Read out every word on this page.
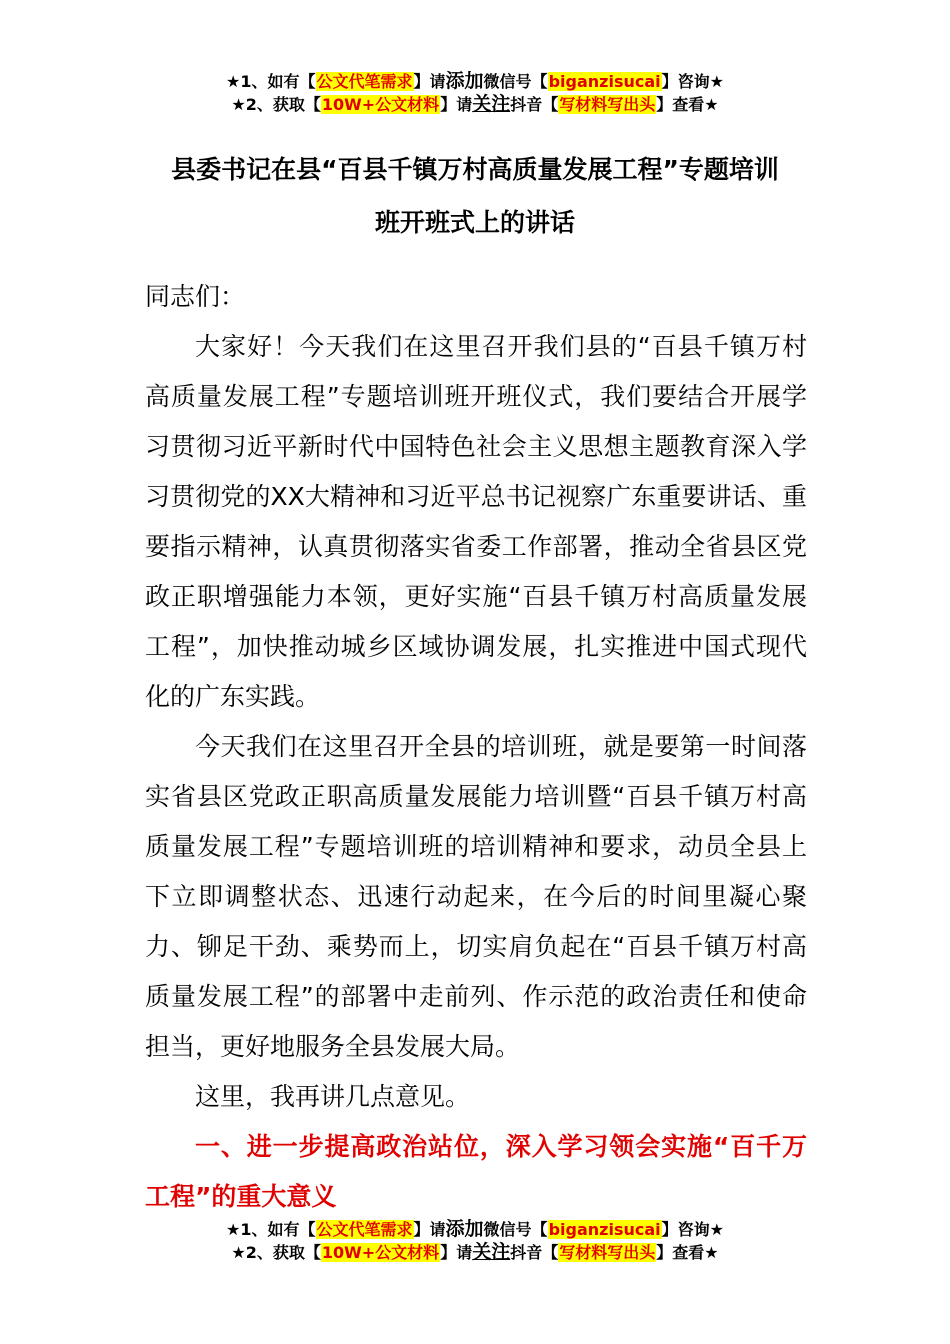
★1、如有【公文代笔需求】请添加微信号【biganzisucai】咨询★
★2、获取【10W+公文材料】请关注抖音【写材料写出头】查看★
县委书记在县“百县千镇万村高质量发展工程”专题培训
班开班式上的讲话

同志们：

大家好！今天我们在这里召开我们县的“百县千镇万村高质量发展工程”专题培训班开班仪式，我们要结合开展学习贯彻习近平新时代中国特色社会主义思想主题教育深入学习贯彻党的XX大精神和习近平总书记视察广东重要讲话、重要指示精神，认真贯彻落实省委工作部署，推动全省县区党政正职增强能力本领，更好实施“百县千镇万村高质量发展工程”，加快推动城乡区域协调发展，扎实推进中国式现代化的广东实践。

今天我们在这里召开全县的培训班，就是要第一时间落实省县区党政正职高质量发展能力培训暨“百县千镇万村高质量发展工程”专题培训班的培训精神和要求，动员全县上下立即调整状态、迅速行动起来，在今后的时间里凝心聚力、铆足干劲、乘势而上，切实肩负起在“百县千镇万村高质量发展工程”的部署中走前列、作示范的政治责任和使命担当，更好地服务全县发展大局。

这里，我再讲几点意见。

一、进一步提高政治站位，深入学习领会实施“百千万工程”的重大意义

★1、如有【公文代笔需求】请添加微信号【biganzisucai】咨询★
★2、获取【10W+公文材料】请关注抖音【写材料写出头】查看★
